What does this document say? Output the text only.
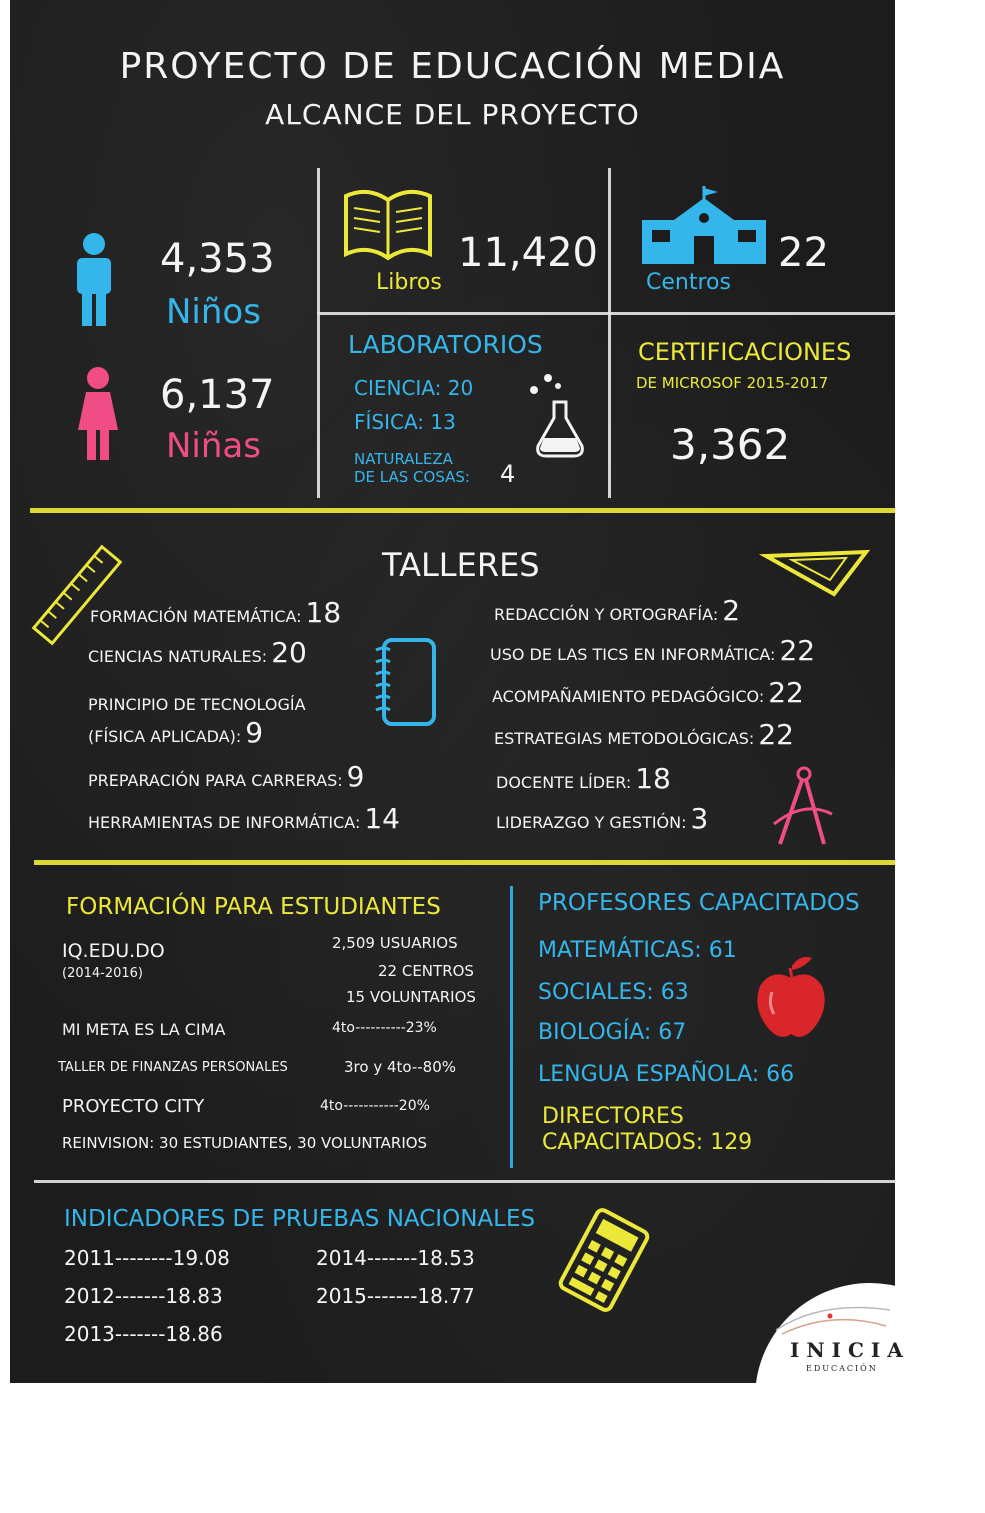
PROYECTO DE EDUCACIÓN MEDIA
ALCANCE DEL PROYECTO
4,353
Niños
6,137
Niñas
Libros
11,420
Centros
22
LABORATORIOS
CIENCIA: 20
FÍSICA: 13
NATURALEZA
DE LAS COSAS: 4
CERTIFICACIONES
DE MICROSOF 2015-2017
3,362
TALLERES
FORMACIÓN MATEMÁTICA: 18
CIENCIAS NATURALES: 20
PRINCIPIO DE TECNOLOGÍA
(FÍSICA APLICADA): 9
PREPARACIÓN PARA CARRERAS: 9
HERRAMIENTAS DE INFORMÁTICA: 14
REDACCIÓN Y ORTOGRAFÍA: 2
USO DE LAS TICS EN INFORMÁTICA: 22
ACOMPAÑAMIENTO PEDAGÓGICO: 22
ESTRATEGIAS METODOLÓGICAS: 22
DOCENTE LÍDER: 18
LIDERAZGO Y GESTIÓN: 3
FORMACIÓN PARA ESTUDIANTES
IQ.EDU.DO
(2014-2016)
2,509 USUARIOS
22 CENTROS
15 VOLUNTARIOS
MI META ES LA CIMA	4to----------23%
TALLER DE FINANZAS PERSONALES	3ro y 4to--80%
PROYECTO CITY	4to-----------20%
REINVISION: 30 ESTUDIANTES, 30 VOLUNTARIOS
PROFESORES CAPACITADOS
MATEMÁTICAS: 61
SOCIALES: 63
BIOLOGÍA: 67
LENGUA ESPAÑOLA: 66
DIRECTORES
CAPACITADOS: 129
INDICADORES DE PRUEBAS NACIONALES
2011--------19.08
2012-------18.83
2013-------18.86
2014-------18.53
2015-------18.77
INICIA
EDUCACIÓN
